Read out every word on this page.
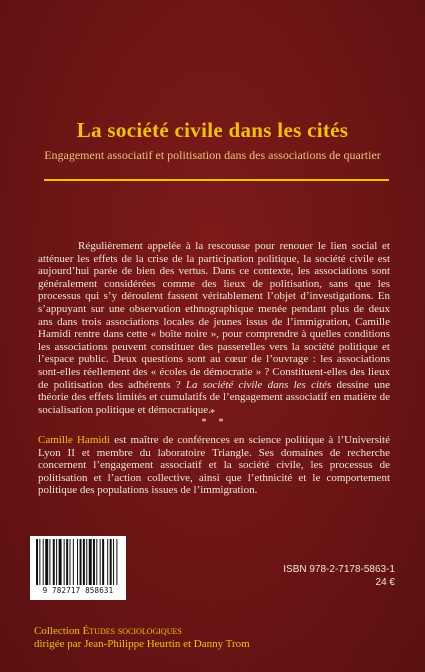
La société civile dans les cités
Engagement associatif et politisation dans des associations de quartier

Régulièrement appelée à la rescousse pour renouer le lien social et atténuer les effets de la crise de la participation politique, la société civile est aujourd’hui parée de bien des vertus. Dans ce contexte, les associations sont généralement considérées comme des lieux de politisation, sans que les processus qui s’y déroulent fassent véritablement l’objet d’investigations. En s’appuyant sur une observation ethnographique menée pendant plus de deux ans dans trois associations locales de jeunes issus de l’immigration, Camille Hamidi rentre dans cette « boîte noire », pour comprendre à quelles conditions les associations peuvent constituer des passerelles vers la société politique et l’espace public. Deux questions sont au cœur de l’ouvrage : les associations sont-elles réellement des « écoles de démocratie » ? Constituent-elles des lieux de politisation des adhérents ? La société civile dans les cités dessine une théorie des effets limités et cumulatifs de l’engagement associatif en matière de socialisation politique et démocratique. *
* *

Camille Hamidi est maître de conférences en science politique à l’Université Lyon II et membre du laboratoire Triangle. Ses domaines de recherche concernent l’engagement associatif et la société civile, les processus de politisation et l’action collective, ainsi que l’ethnicité et le comportement politique des populations issues de l’immigration.

9 782717 858631
ISBN 978-2-7178-5863-1
24 €
Collection Études sociologiques
dirigée par Jean-Philippe Heurtin et Danny Trom
